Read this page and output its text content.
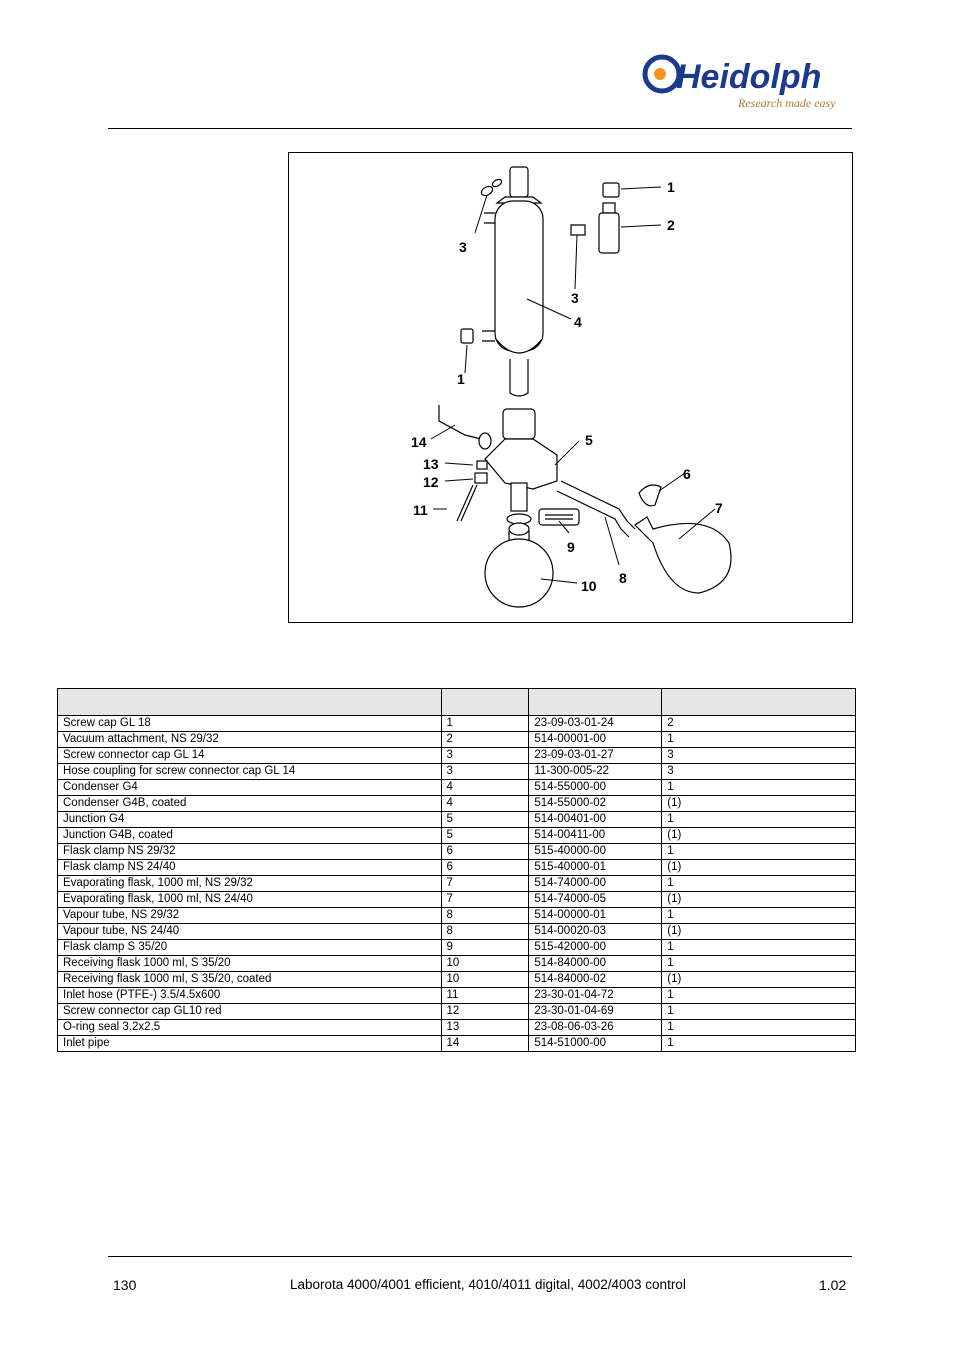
Heidolph
Research made easy
1
2
3
3
4
1
5
14
13
12
11
6
7
9
8
10

Screw cap GL 18	1	23-09-03-01-24	2
Vacuum attachment, NS 29/32	2	514-00001-00	1
Screw connector cap GL 14	3	23-09-03-01-27	3
Hose coupling for screw connector cap GL 14	3	11-300-005-22	3
Condenser G4	4	514-55000-00	1
Condenser G4B, coated	4	514-55000-02	(1)
Junction G4	5	514-00401-00	1
Junction G4B, coated	5	514-00411-00	(1)
Flask clamp NS 29/32	6	515-40000-00	1
Flask clamp NS 24/40	6	515-40000-01	(1)
Evaporating flask, 1000 ml, NS 29/32	7	514-74000-00	1
Evaporating flask, 1000 ml, NS 24/40	7	514-74000-05	(1)
Vapour tube, NS 29/32	8	514-00000-01	1
Vapour tube, NS 24/40	8	514-00020-03	(1)
Flask clamp S 35/20	9	515-42000-00	1
Receiving flask 1000 ml, S 35/20	10	514-84000-00	1
Receiving flask 1000 ml, S 35/20, coated	10	514-84000-02	(1)
Inlet hose (PTFE-) 3.5/4.5x600	11	23-30-01-04-72	1
Screw connector cap GL10 red	12	23-30-01-04-69	1
O-ring seal 3.2x2.5	13	23-08-06-03-26	1
Inlet pipe	14	514-51000-00	1
130	Laborota 4000/4001 efficient, 4010/4011 digital, 4002/4003 control	1.02
